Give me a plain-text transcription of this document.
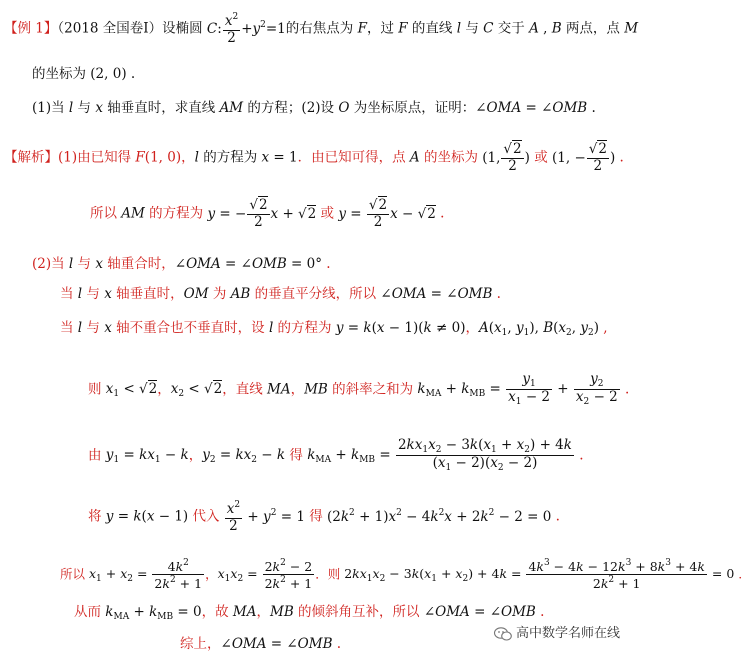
【例 1】（2018 全国卷Ⅰ）设椭圆 C: $\frac{x^2}{2} +y^2=1$的右焦点为 F，过 F 的直线 l 与 C 交于 A , B 两点，点 M
的坐标为 (2, 0) .
(1)当 l 与 x 轴垂直时，求直线 AM 的方程；(2)设 O 为坐标原点，证明：∠OMA = ∠OMB .
【解析】(1)由已知得 F(1, 0)，l 的方程为 x = 1．由已知可得，点 A 的坐标为 (1, $\frac{√2}{2}$ ) 或 (1, − $\frac{√2}{2}$ ) .
所以 AM 的方程为 y = − $\frac{√2}{2}$ x + √2 或 $y = \frac{√2}{2}$ x − √2 .
(2)当 l 与 x 轴重合时，∠OMA = ∠OMB = 0° .
当 l 与 x 轴垂直时，OM 为 AB 的垂直平分线，所以 ∠OMA = ∠OMB .
当 l 与 x 轴不重合也不垂直时，设 l 的方程为 y = k(x − 1)(k ≠ 0)，$A(x_1$, $y_1$), $B(x_2$, $y_2$) ,
则 $x_1 < √2$，$x_2 < √2$，直线 MA，MB 的斜率之和为 $k_{MA} + k_{MB} = \frac{y_1}{x_1 - 2} + \frac{y_2}{x_2 - 2}$ .
由 $y_1 = kx_1 - k$，$y_2 = kx_2 - k$ 得 $k_{MA} + k_{MB} = \frac{2kx_1x_2 - 3k(x_1 + x_2) + 4k}{(x_1 - 2)(x_2 - 2)}$ .
将 y = k(x − 1) 代入 $\frac{x^2}{2} + y^2 = 1$ 得 $(2k^2 + 1)x^2 - 4k^2x + 2k^2 - 2 = 0$ .
所以 $x_1 + x_2 = \frac{4k^2}{2k^2 + 1}$ ，$x_1x_2 = \frac{2k^2 - 2}{2k^2 + 1}$ ．则 $2kx_1x_2 - 3k(x_1 + x_2) + 4k = \frac{4k^3 - 4k - 12k^3 + 8k^3 + 4k}{2k^2 + 1} = 0$ .
从而 $k_{MA} + k_{MB} = 0$，故 MA，MB 的倾斜角互补，所以 ∠OMA = ∠OMB .
综上，∠OMA = ∠OMB .
高中数学名师在线
